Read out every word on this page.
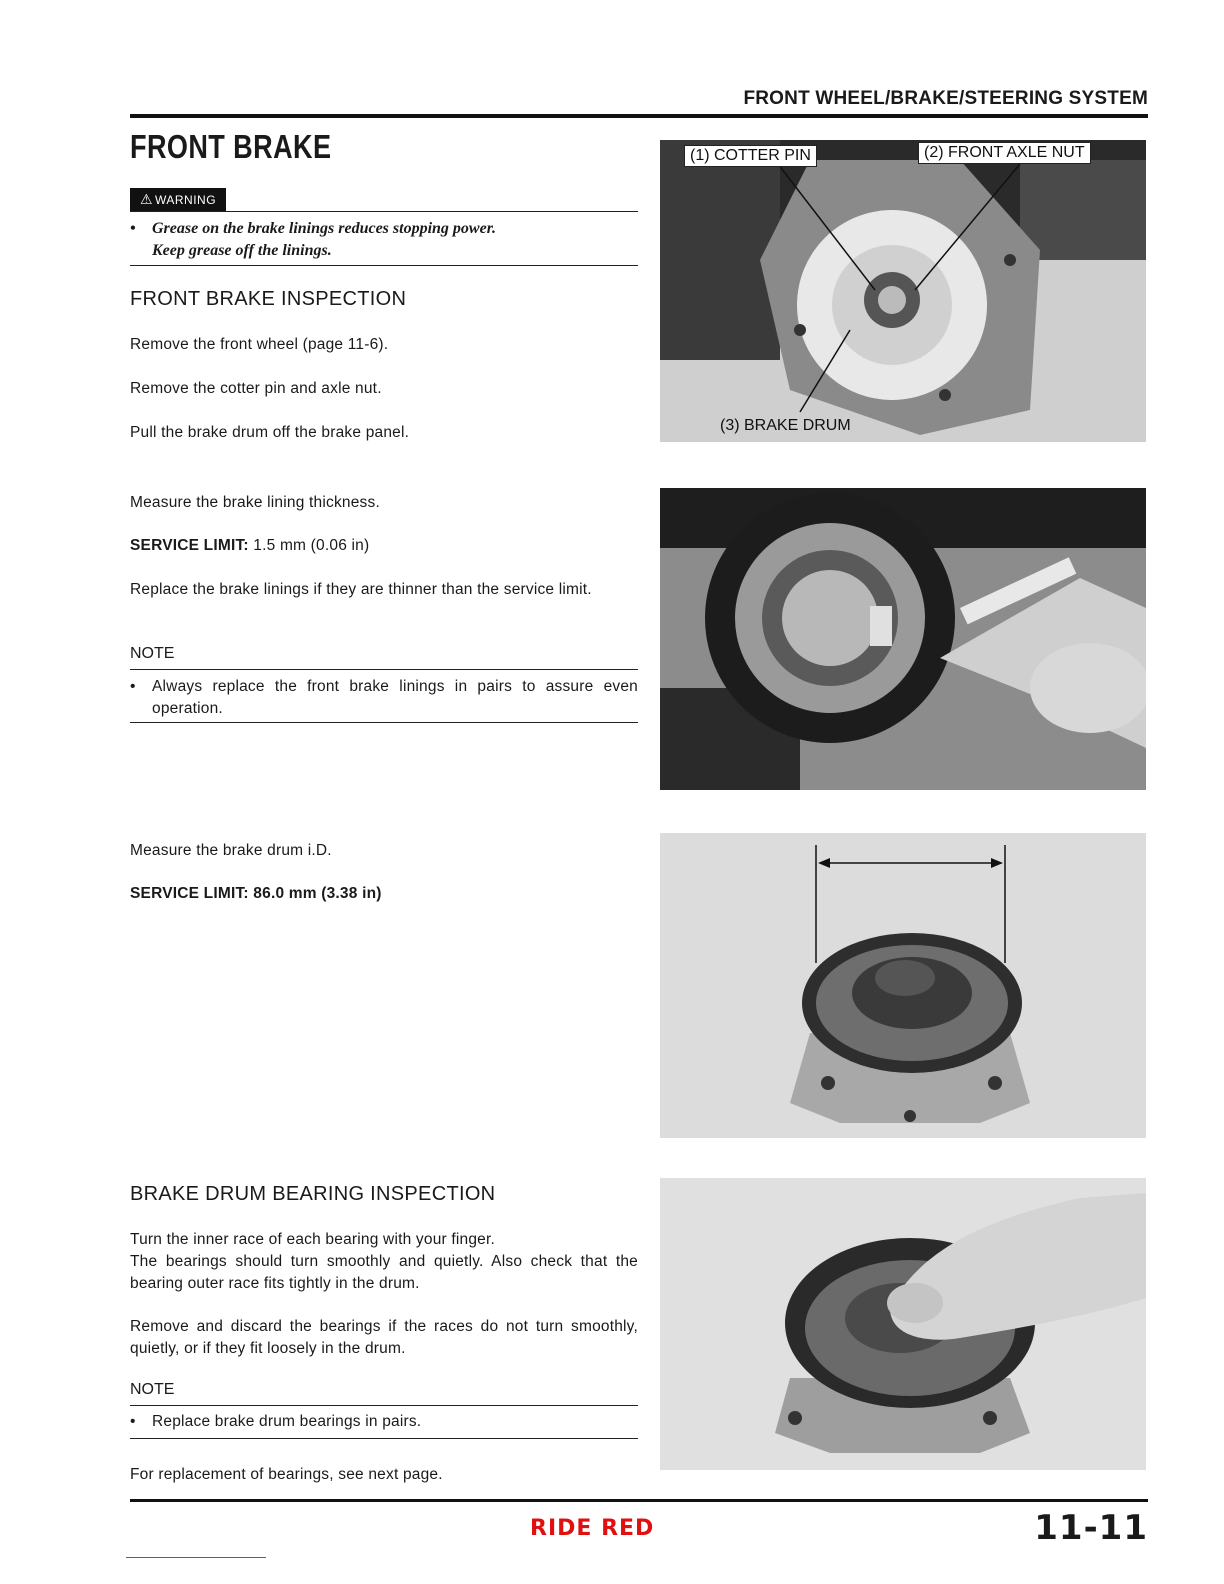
FRONT WHEEL/BRAKE/STEERING SYSTEM
FRONT BRAKE
⚠ WARNING
• Grease on the brake linings reduces stopping power.
Keep grease off the linings.
FRONT BRAKE INSPECTION
Remove the front wheel (page 11-6).
Remove the cotter pin and axle nut.
Pull the brake drum off the brake panel.
Measure the brake lining thickness.
SERVICE LIMIT: 1.5 mm (0.06 in)
Replace the brake linings if they are thinner than the service limit.
NOTE
•	Always replace the front brake linings in pairs to assure even operation.
Measure the brake drum i.D.
SERVICE LIMIT: 86.0 mm (3.38 in)
BRAKE DRUM BEARING INSPECTION
Turn the inner race of each bearing with your finger.
The bearings should turn smoothly and quietly. Also check that the bearing outer race fits tightly in the drum.
Remove and discard the bearings if the races do not turn smoothly, quietly, or if they fit loosely in the drum.
NOTE
•	Replace brake drum bearings in pairs.
For replacement of bearings, see next page.
(1) COTTER PIN	(2) FRONT AXLE NUT
(3) BRAKE DRUM
RIDE RED	11-11
